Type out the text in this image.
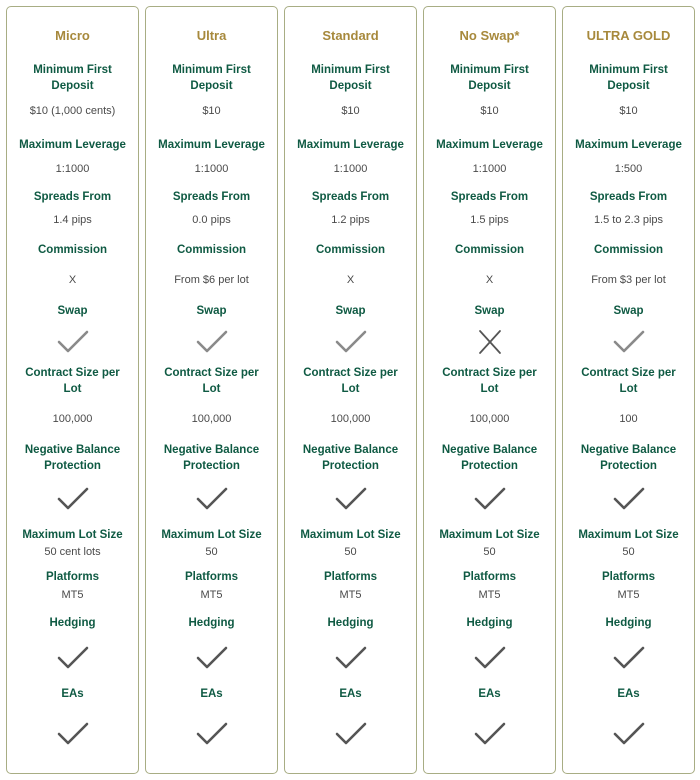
Micro
Minimum First Deposit
$10 (1,000 cents)
Maximum Leverage
1:1000
Spreads From
1.4 pips
Commission
X
Swap
Contract Size per Lot
100,000
Negative Balance Protection
Maximum Lot Size
50 cent lots
Platforms
MT5
Hedging
EAs
Ultra
Minimum First Deposit
$10
Maximum Leverage
1:1000
Spreads From
0.0 pips
Commission
From $6 per lot
Swap
Contract Size per Lot
100,000
Negative Balance Protection
Maximum Lot Size
50
Platforms
MT5
Hedging
EAs
Standard
Minimum First Deposit
$10
Maximum Leverage
1:1000
Spreads From
1.2 pips
Commission
X
Swap
Contract Size per Lot
100,000
Negative Balance Protection
Maximum Lot Size
50
Platforms
MT5
Hedging
EAs
No Swap*
Minimum First Deposit
$10
Maximum Leverage
1:1000
Spreads From
1.5 pips
Commission
X
Swap
Contract Size per Lot
100,000
Negative Balance Protection
Maximum Lot Size
50
Platforms
MT5
Hedging
EAs
ULTRA GOLD
Minimum First Deposit
$10
Maximum Leverage
1:500
Spreads From
1.5 to 2.3 pips
Commission
From $3 per lot
Swap
Contract Size per Lot
100
Negative Balance Protection
Maximum Lot Size
50
Platforms
MT5
Hedging
EAs
